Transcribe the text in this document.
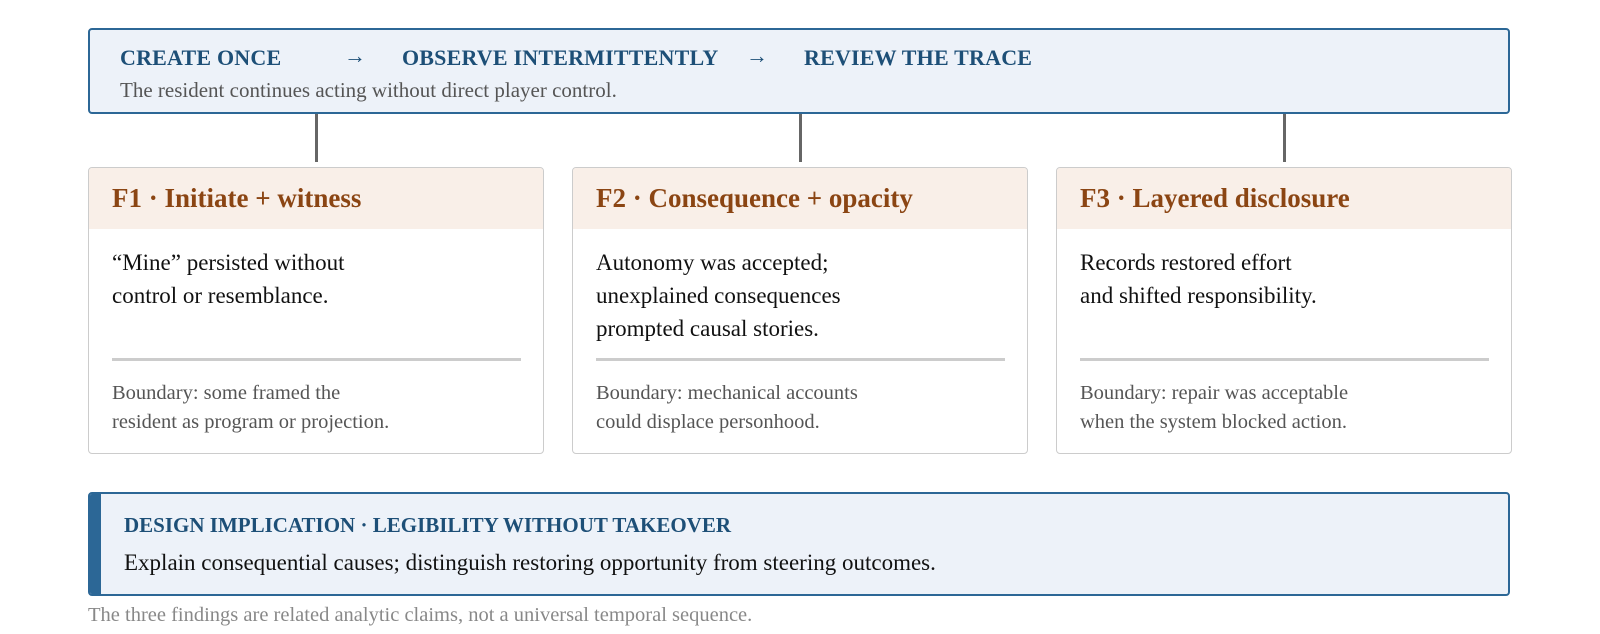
CREATE ONCE	→ OBSERVE INTERMITTENTLY → REVIEW THE TRACE
The resident continues acting without direct player control.
F1 · Initiate + witness
“Mine” persisted without
control or resemblance.
Boundary: some framed the
resident as program or projection.
F2 · Consequence + opacity
Autonomy was accepted;
unexplained consequences
prompted causal stories.
Boundary: mechanical accounts
could displace personhood.
F3 · Layered disclosure
Records restored effort
and shifted responsibility.
Boundary: repair was acceptable
when the system blocked action.
DESIGN IMPLICATION · LEGIBILITY WITHOUT TAKEOVER
Explain consequential causes; distinguish restoring opportunity from steering outcomes.
The three findings are related analytic claims, not a universal temporal sequence.
